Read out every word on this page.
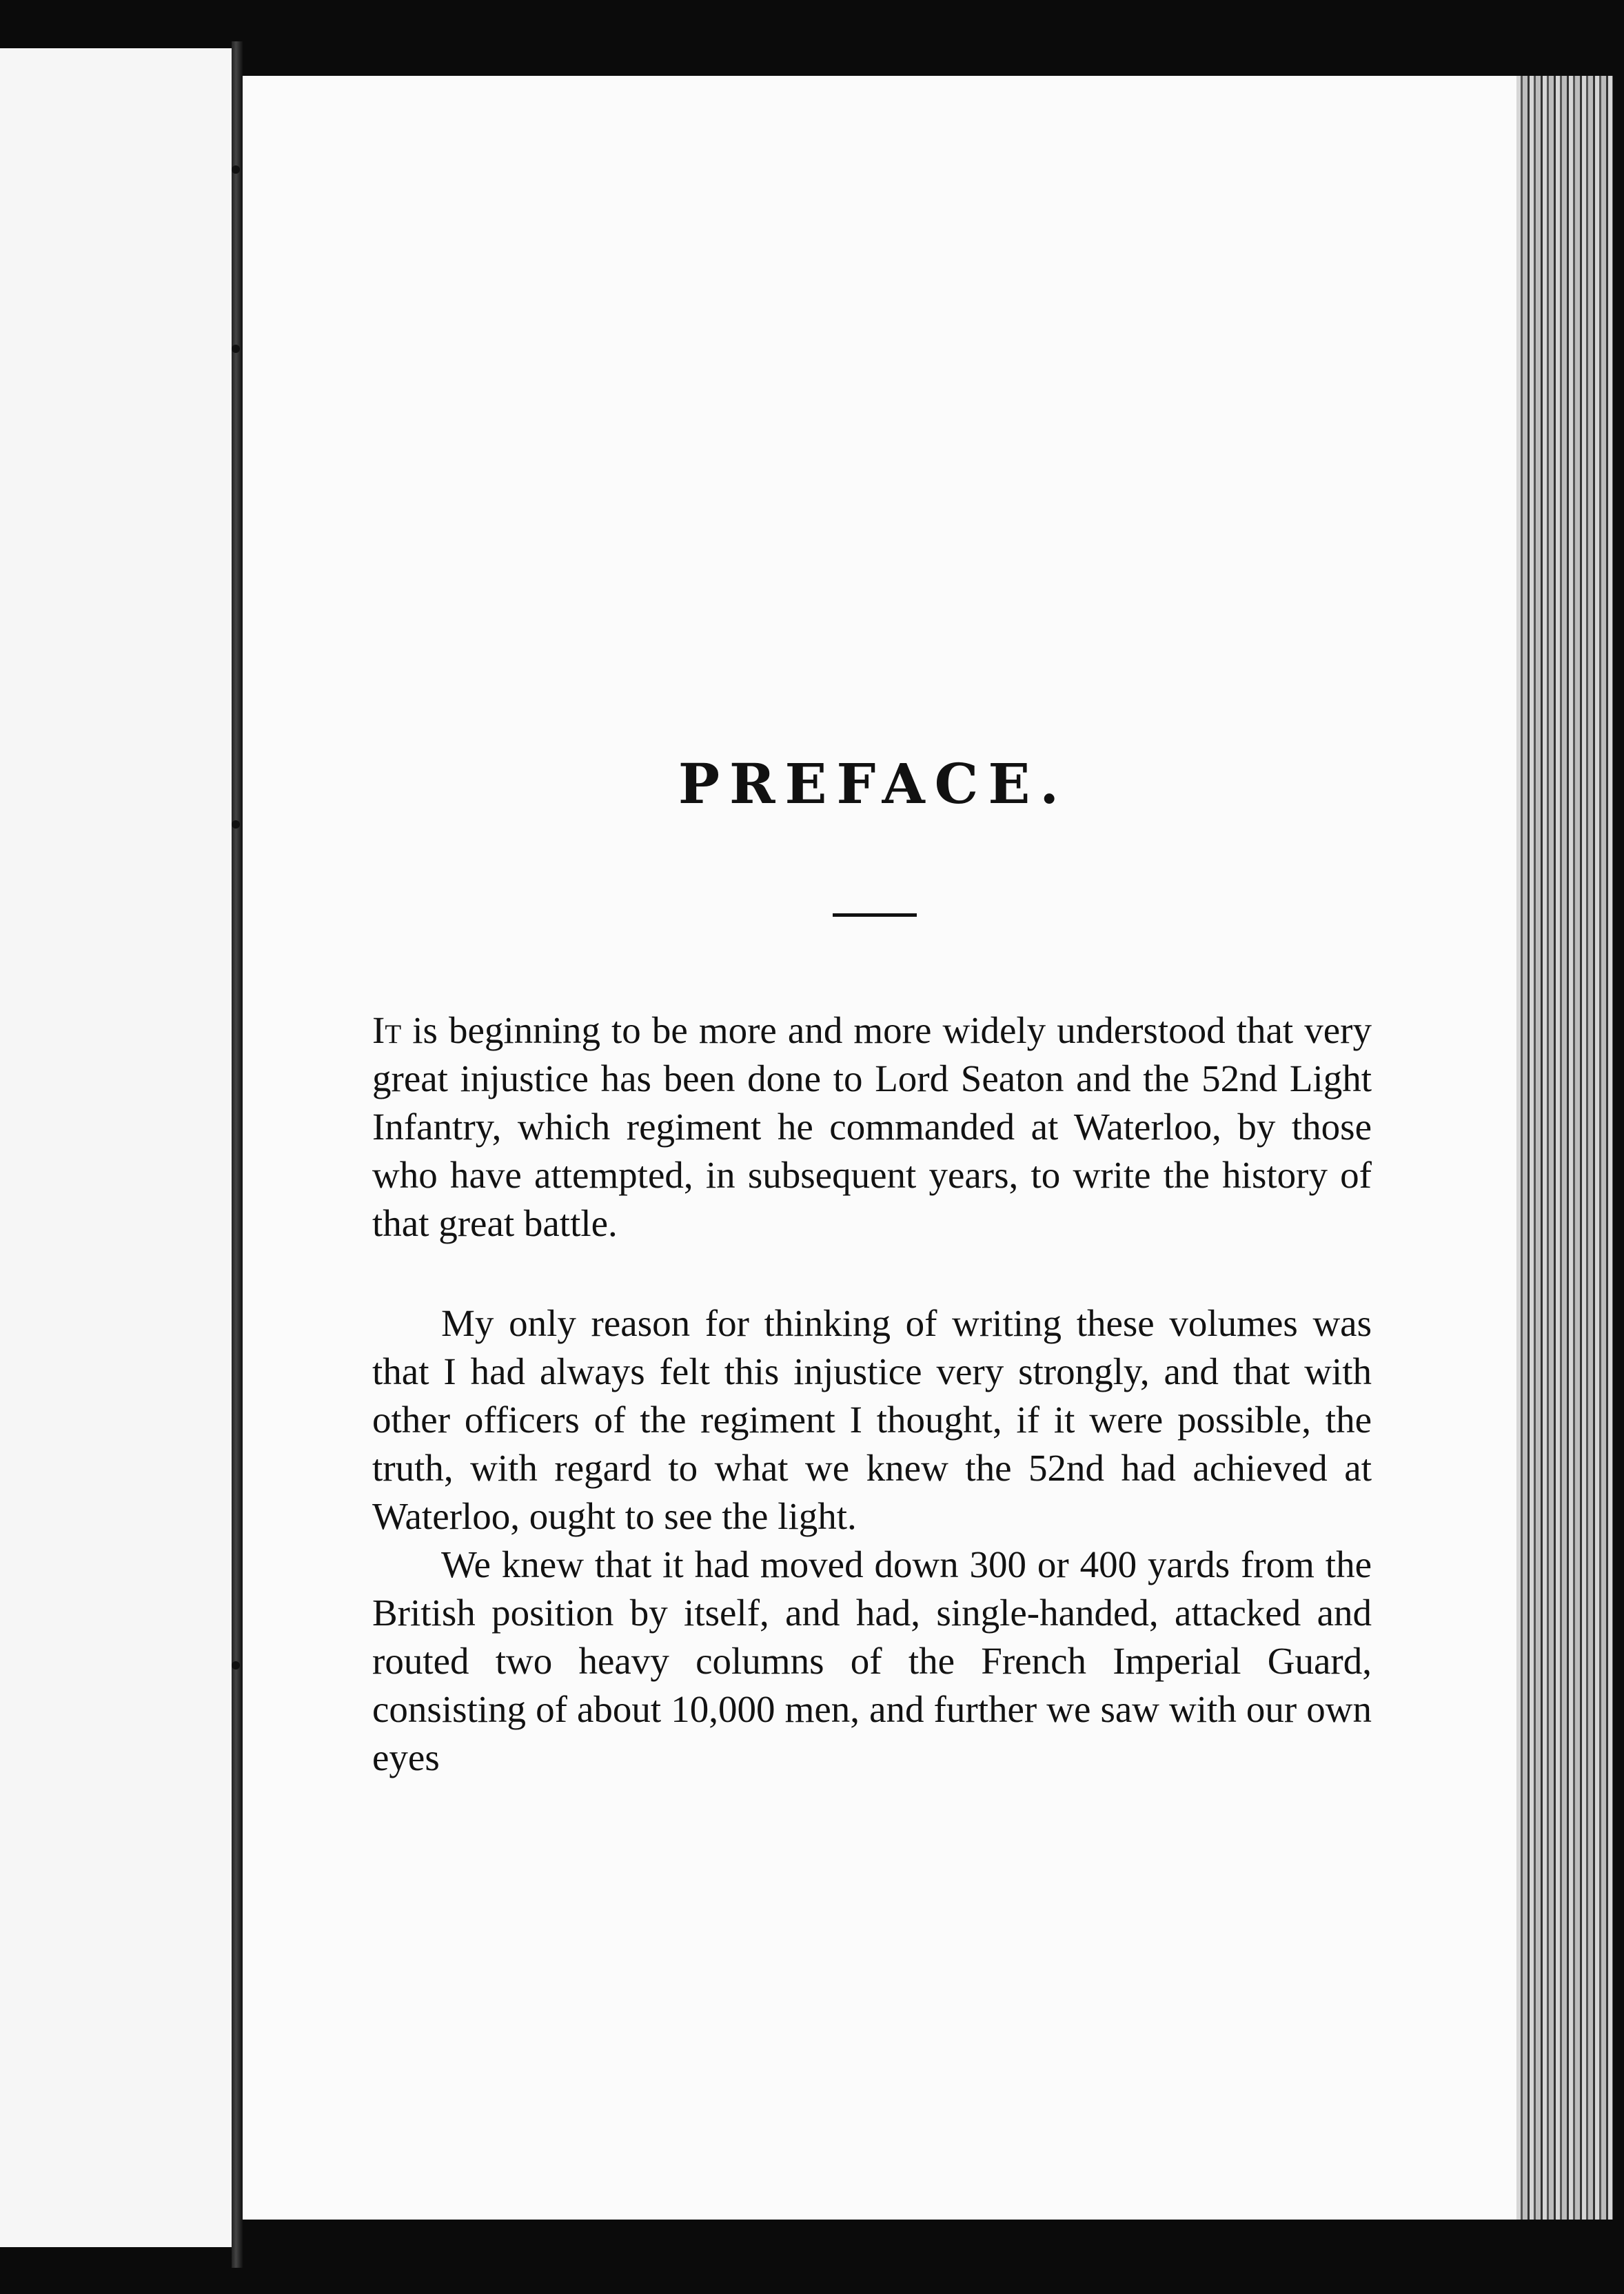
PREFACE.

It is beginning to be more and more widely understood that very great injustice has been done to Lord Seaton and the 52nd Light Infantry, which regiment he commanded at Waterloo, by those who have attempted, in subsequent years, to write the history of that great battle.

My only reason for thinking of writing these volumes was that I had always felt this injustice very strongly, and that with other officers of the regiment I thought, if it were possible, the truth, with regard to what we knew the 52nd had achieved at Waterloo, ought to see the light.

We knew that it had moved down 300 or 400 yards from the British position by itself, and had, single-handed, attacked and routed two heavy columns of the French Imperial Guard, consisting of about 10,000 men, and further we saw with our own eyes
